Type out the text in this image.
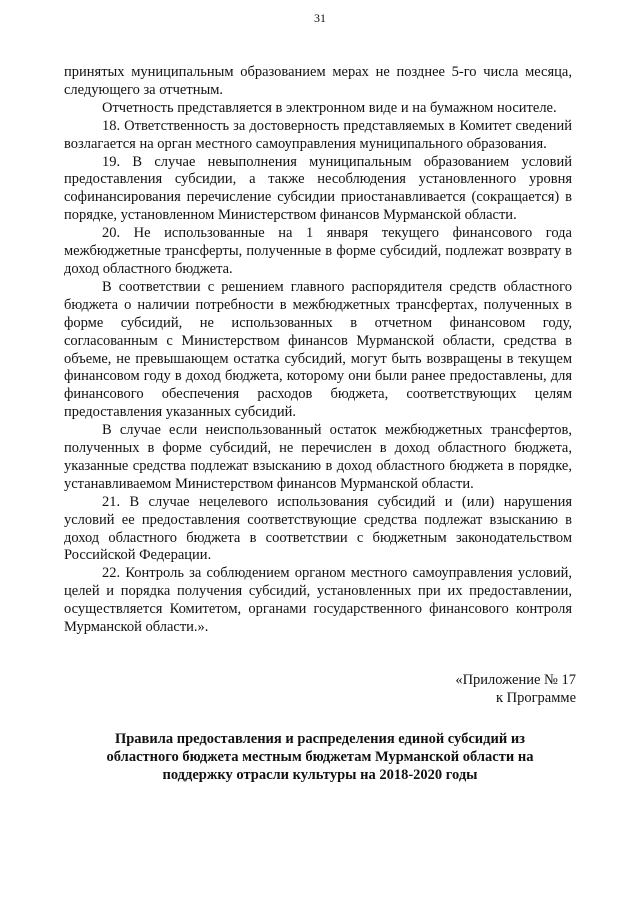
31

принятых муниципальным образованием мерах не позднее 5-го числа месяца, следующего за отчетным.

Отчетность представляется в электронном виде и на бумажном носителе.

18. Ответственность за достоверность представляемых в Комитет сведений возлагается на орган местного самоуправления муниципального образования.

19. В случае невыполнения муниципальным образованием условий предоставления субсидии, а также несоблюдения установленного уровня софинансирования перечисление субсидии приостанавливается (сокращается) в порядке, установленном Министерством финансов Мурманской области.

20. Не использованные на 1 января текущего финансового года межбюджетные трансферты, полученные в форме субсидий, подлежат возврату в доход областного бюджета.

В соответствии с решением главного распорядителя средств областного бюджета о наличии потребности в межбюджетных трансфертах, полученных в форме субсидий, не использованных в отчетном финансовом году, согласованным с Министерством финансов Мурманской области, средства в объеме, не превышающем остатка субсидий, могут быть возвращены в текущем финансовом году в доход бюджета, которому они были ранее предоставлены, для финансового обеспечения расходов бюджета, соответствующих целям предоставления указанных субсидий.

В случае если неиспользованный остаток межбюджетных трансфертов, полученных в форме субсидий, не перечислен в доход областного бюджета, указанные средства подлежат взысканию в доход областного бюджета в порядке, устанавливаемом Министерством финансов Мурманской области.

21. В случае нецелевого использования субсидий и (или) нарушения условий ее предоставления соответствующие средства подлежат взысканию в доход областного бюджета в соответствии с бюджетным законодательством Российской Федерации.

22. Контроль за соблюдением органом местного самоуправления условий, целей и порядка получения субсидий, установленных при их предоставлении, осуществляется Комитетом, органами государственного финансового контроля Мурманской области.».

«Приложение № 17
к Программе
Правила предоставления и распределения единой субсидий из областного бюджета местным бюджетам Мурманской области на поддержку отрасли культуры на 2018-2020 годы
